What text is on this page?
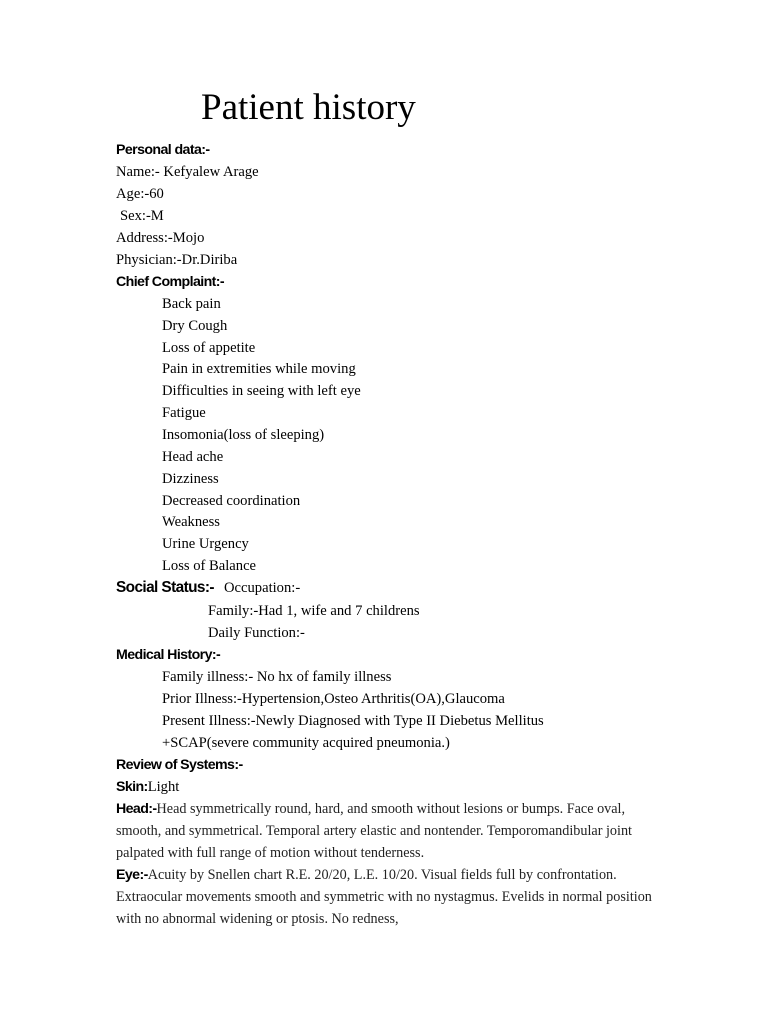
Patient history
Personal data:-
Name:- Kefyalew Arage
Age:-60
Sex:-M
Address:-Mojo
Physician:-Dr.Diriba
Chief Complaint:-
Back pain
Dry Cough
Loss of appetite
Pain in extremities while moving
Difficulties in seeing with left eye
Fatigue
Insomonia(loss of sleeping)
Head ache
Dizziness
Decreased coordination
Weakness
Urine Urgency
Loss of Balance
Social Status:- Occupation:-
Family:-Had 1, wife and 7 childrens
Daily Function:-
Medical History:-
Family illness:- No hx of family illness
Prior Illness:-Hypertension,Osteo Arthritis(OA),Glaucoma
Present Illness:-Newly Diagnosed with Type II Diebetus Mellitus
+SCAP(severe community acquired pneumonia.)
Review of Systems:-
Skin:Light
Head:-Head symmetrically round, hard, and smooth without lesions or bumps. Face oval, smooth, and symmetrical. Temporal artery elastic and nontender. Temporomandibular joint palpated with full range of motion without tenderness.
Eye:-Acuity by Snellen chart R.E. 20/20, L.E. 10/20. Visual fields full by confrontation. Extraocular movements smooth and symmetric with no nystagmus. Evelids in normal position with no abnormal widening or ptosis. No redness,
